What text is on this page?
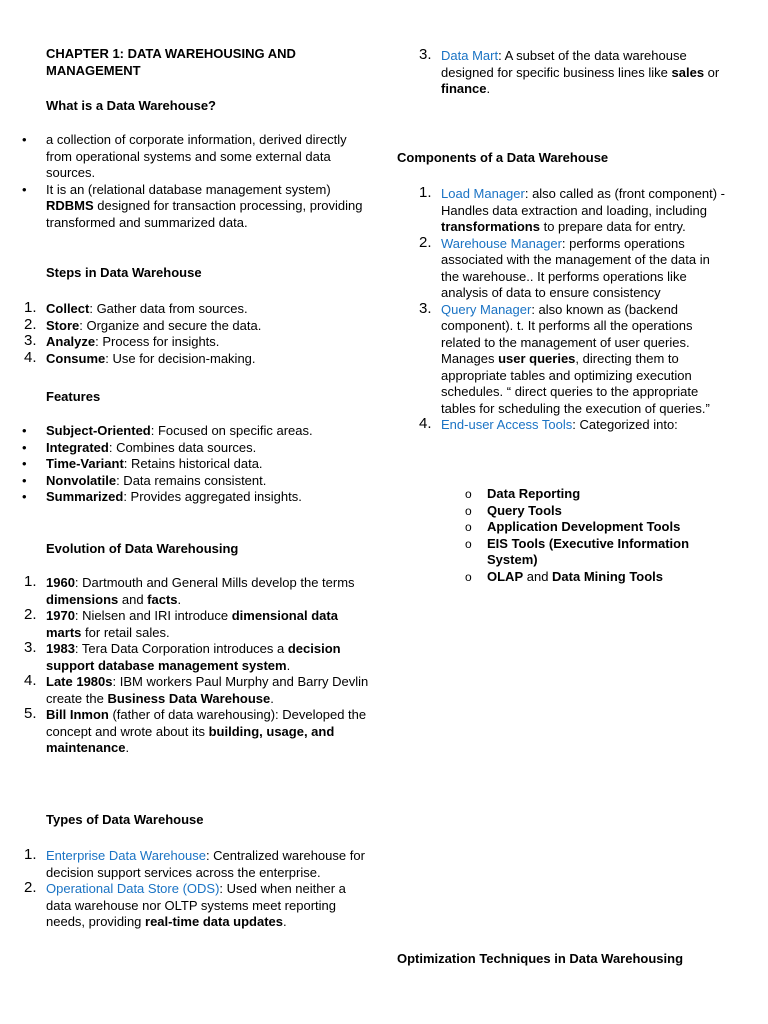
CHAPTER 1: DATA WAREHOUSING AND MANAGEMENT
What is a Data Warehouse?
• a collection of corporate information, derived directly from operational systems and some external data sources.
• It is an (relational database management system) RDBMS designed for transaction processing, providing transformed and summarized data.
Steps in Data Warehouse
1. Collect: Gather data from sources.
2. Store: Organize and secure the data.
3. Analyze: Process for insights.
4. Consume: Use for decision-making.
Features
• Subject-Oriented: Focused on specific areas.
• Integrated: Combines data sources.
• Time-Variant: Retains historical data.
• Nonvolatile: Data remains consistent.
• Summarized: Provides aggregated insights.
Evolution of Data Warehousing
1. 1960: Dartmouth and General Mills develop the terms dimensions and facts.
2. 1970: Nielsen and IRI introduce dimensional data marts for retail sales.
3. 1983: Tera Data Corporation introduces a decision support database management system.
4. Late 1980s: IBM workers Paul Murphy and Barry Devlin create the Business Data Warehouse.
5. Bill Inmon (father of data warehousing): Developed the concept and wrote about its building, usage, and maintenance.
Types of Data Warehouse
1. Enterprise Data Warehouse: Centralized warehouse for decision support services across the enterprise.
2. Operational Data Store (ODS): Used when neither a data warehouse nor OLTP systems meet reporting needs, providing real-time data updates.
3. Data Mart: A subset of the data warehouse designed for specific business lines like sales or finance.
Components of a Data Warehouse
1. Load Manager: also called as (front component) - Handles data extraction and loading, including transformations to prepare data for entry.
2. Warehouse Manager: performs operations associated with the management of the data in the warehouse.. It performs operations like analysis of data to ensure consistency
3. Query Manager: also known as (backend component). t. It performs all the operations related to the management of user queries. Manages user queries, directing them to appropriate tables and optimizing execution schedules. “ direct queries to the appropriate tables for scheduling the execution of queries.”
4. End-user Access Tools: Categorized into:
o Data Reporting
o Query Tools
o Application Development Tools
o EIS Tools (Executive Information System)
o OLAP and Data Mining Tools
Optimization Techniques in Data Warehousing
